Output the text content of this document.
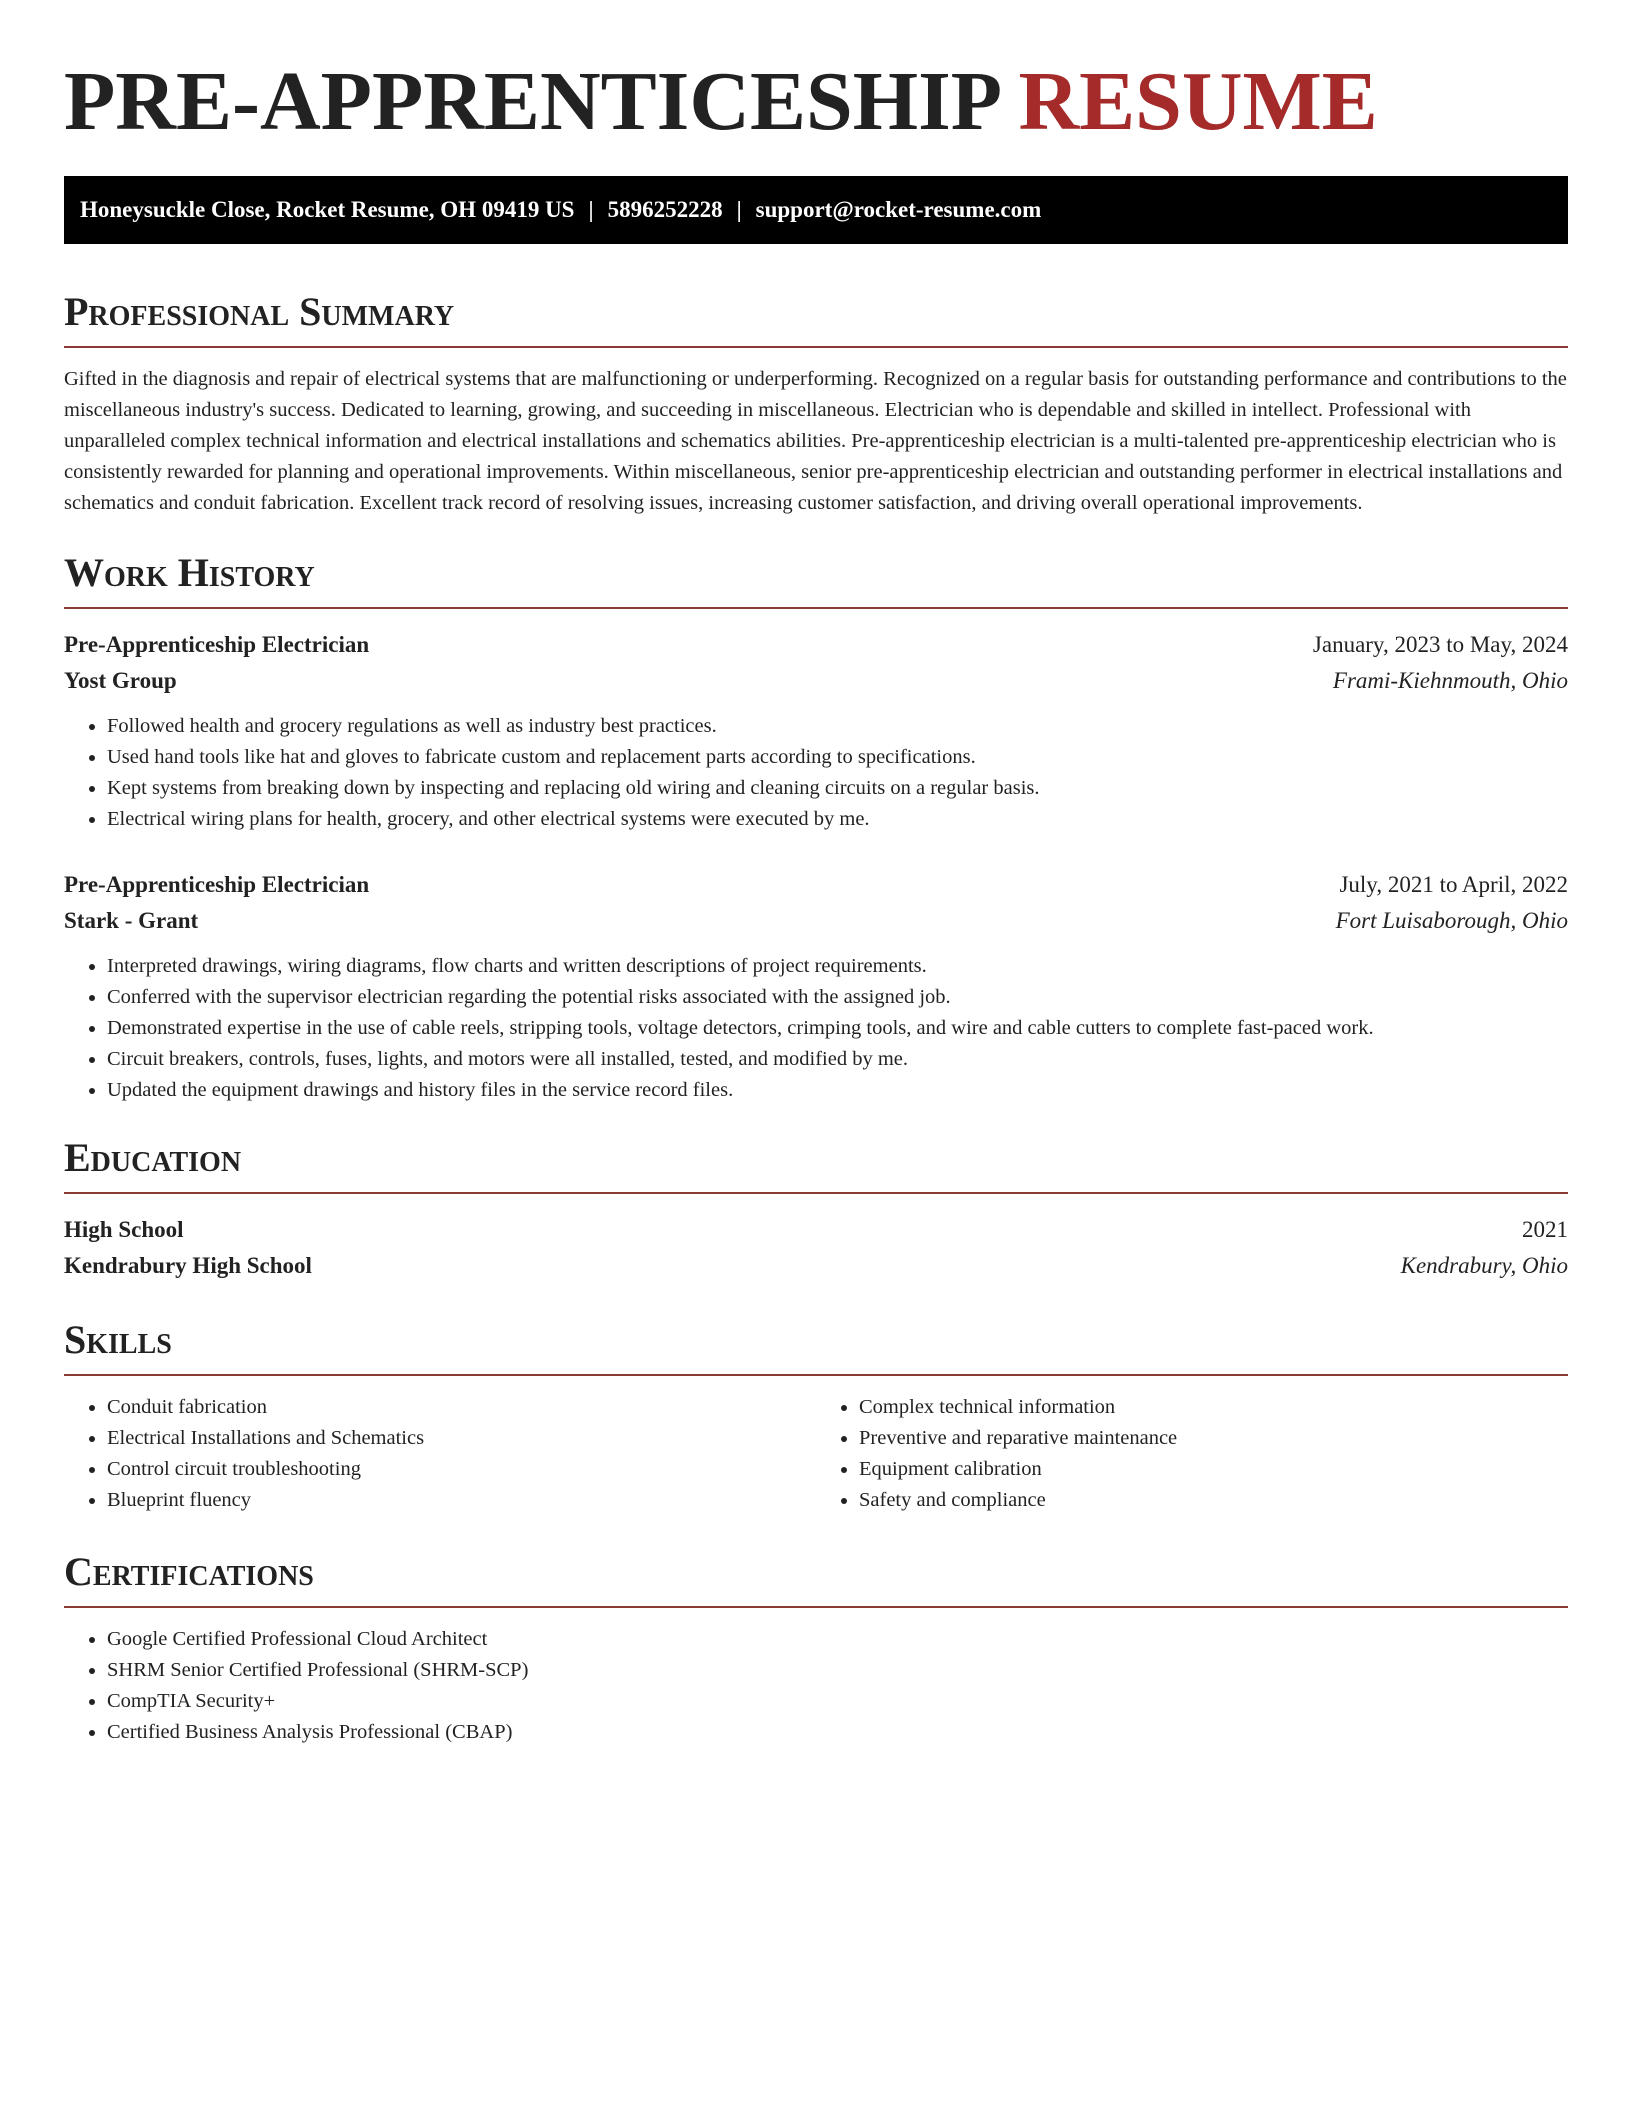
PRE-APPRENTICESHIP RESUME
Honeysuckle Close, Rocket Resume, OH 09419 US | 5896252228 | support@rocket-resume.com
Professional Summary

Gifted in the diagnosis and repair of electrical systems that are malfunctioning or underperforming. Recognized on a regular basis for outstanding performance and contributions to the miscellaneous industry's success. Dedicated to learning, growing, and succeeding in miscellaneous. Electrician who is dependable and skilled in intellect. Professional with unparalleled complex technical information and electrical installations and schematics abilities. Pre-apprenticeship electrician is a multi-talented pre-apprenticeship electrician who is consistently rewarded for planning and operational improvements. Within miscellaneous, senior pre-apprenticeship electrician and outstanding performer in electrical installations and schematics and conduit fabrication. Excellent track record of resolving issues, increasing customer satisfaction, and driving overall operational improvements.

Work History
Pre-Apprenticeship Electrician	January, 2023 to May, 2024
Yost Group	Frami-Kiehnmouth, Ohio
• Followed health and grocery regulations as well as industry best practices.
• Used hand tools like hat and gloves to fabricate custom and replacement parts according to specifications.
• Kept systems from breaking down by inspecting and replacing old wiring and cleaning circuits on a regular basis.
• Electrical wiring plans for health, grocery, and other electrical systems were executed by me.
Pre-Apprenticeship Electrician	July, 2021 to April, 2022
Stark - Grant	Fort Luisaborough, Ohio
• Interpreted drawings, wiring diagrams, flow charts and written descriptions of project requirements.
• Conferred with the supervisor electrician regarding the potential risks associated with the assigned job.
• Demonstrated expertise in the use of cable reels, stripping tools, voltage detectors, crimping tools, and wire and cable cutters to complete fast-paced work.
• Circuit breakers, controls, fuses, lights, and motors were all installed, tested, and modified by me.
• Updated the equipment drawings and history files in the service record files.
Education
High School	2021
Kendrabury High School	Kendrabury, Ohio
Skills
• Conduit fabrication
• Electrical Installations and Schematics
• Control circuit troubleshooting
• Blueprint fluency
• Complex technical information
• Preventive and reparative maintenance
• Equipment calibration
• Safety and compliance
Certifications
• Google Certified Professional Cloud Architect
• SHRM Senior Certified Professional (SHRM-SCP)
• CompTIA Security+
• Certified Business Analysis Professional (CBAP)
